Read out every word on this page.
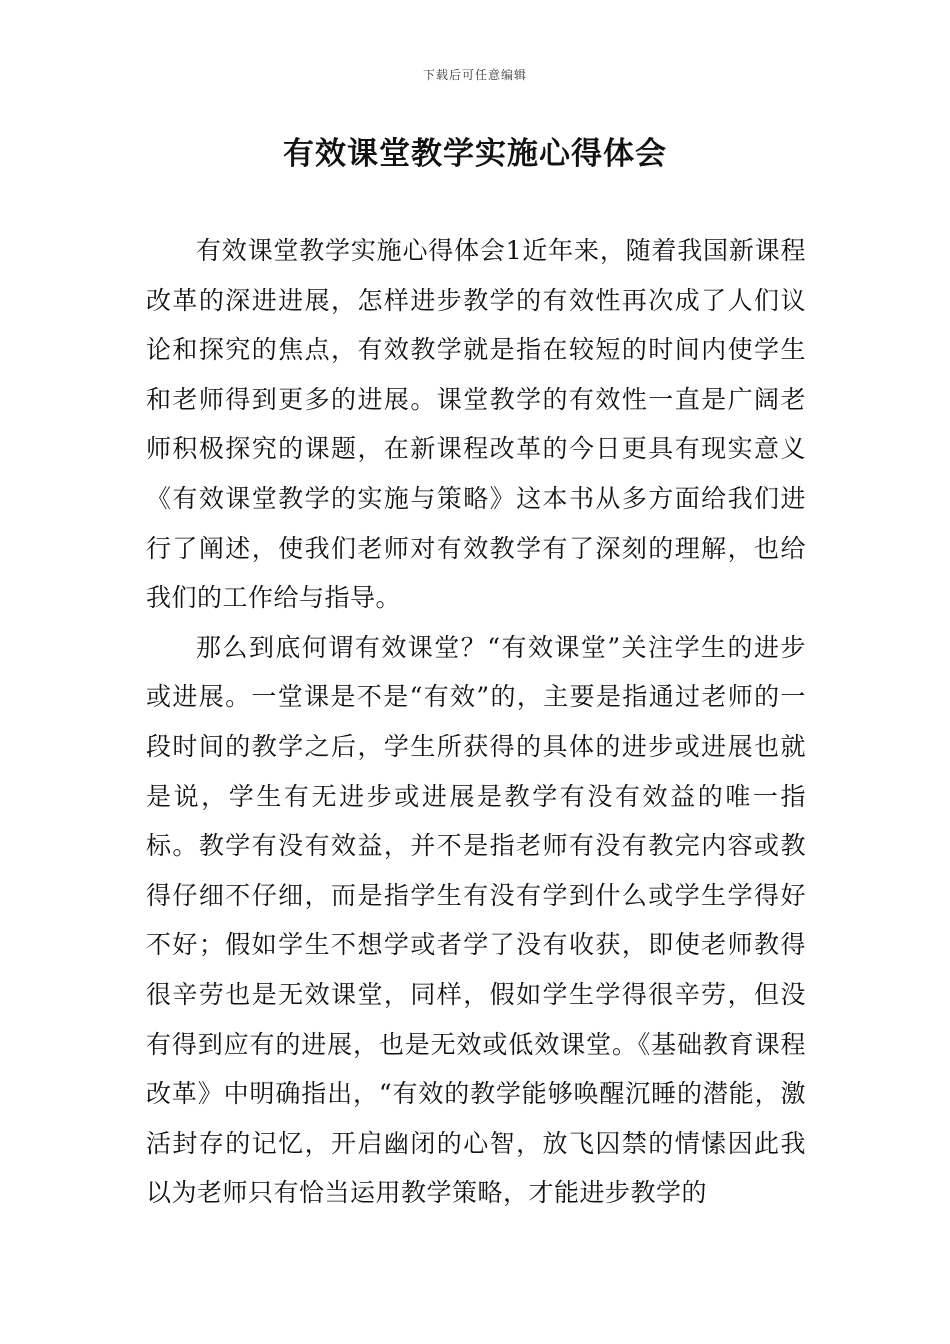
下载后可任意编辑
有效课堂教学实施心得体会

有效课堂教学实施心得体会1近年来，随着我国新课程改革的深进进展，怎样进步教学的有效性再次成了人们议论和探究的焦点，有效教学就是指在较短的时间内使学生和老师得到更多的进展。课堂教学的有效性一直是广阔老师积极探究的课题，在新课程改革的今日更具有现实意义《有效课堂教学的实施与策略》这本书从多方面给我们进行了阐述，使我们老师对有效教学有了深刻的理解，也给我们的工作给与指导。

那么到底何谓有效课堂？“有效课堂”关注学生的进步或进展。一堂课是不是“有效”的，主要是指通过老师的一段时间的教学之后，学生所获得的具体的进步或进展也就是说，学生有无进步或进展是教学有没有效益的唯一指标。教学有没有效益，并不是指老师有没有教完内容或教得仔细不仔细，而是指学生有没有学到什么或学生学得好不好；假如学生不想学或者学了没有收获，即使老师教得很辛劳也是无效课堂，同样，假如学生学得很辛劳，但没有得到应有的进展，也是无效或低效课堂。《基础教育课程改革》中明确指出，“有效的教学能够唤醒沉睡的潜能，激活封存的记忆，开启幽闭的心智，放飞囚禁的情愫因此我以为老师只有恰当运用教学策略，才能进步教学的
